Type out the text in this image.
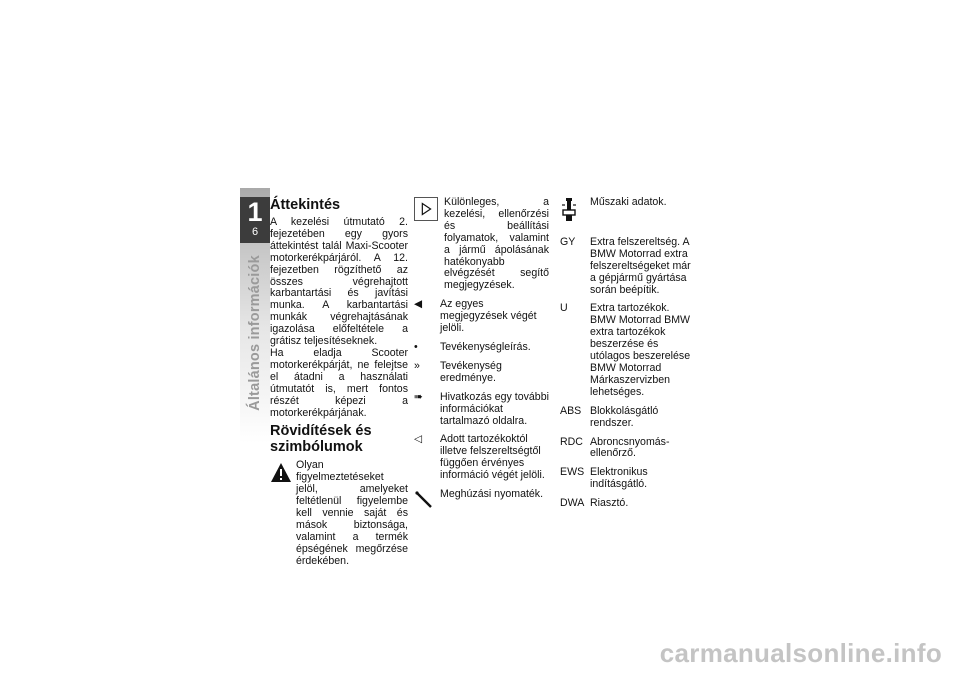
1
6
Általános információk
Áttekintés

A kezelési útmutató 2. fejezetében egy gyors áttekintést talál Maxi-Scooter motorkerékpárjáról. A 12. fejezetben rögzíthető az összes végrehajtott karbantartási és javítási munka. A karbantartási munkák végrehajtásának igazolása előfeltétele a grátisz teljesítéseknek.

Ha eladja Scooter motorkerékpárját, ne felejtse el átadni a használati útmutatót is, mert fontos részét képezi a motorkerékpárjának.

Rövidítések és szimbólumok

Olyan figyelmeztetéseket jelöl, amelyeket feltétlenül figyelembe kell vennie saját és mások biztonsága, valamint a termék épségének megőrzése érdekében.

Különleges, a kezelési, ellenőrzési és beállítási folyamatok, valamint a jármű ápolásának hatékonyabb elvégzését segítő megjegyzések.

◀	Az egyes megjegyzések végét jelöli.
•	Tevékenységleírás.
»	Tevékenység eredménye.
➠	Hivatkozás egy további információkat tartalmazó oldalra.
◁	Adott tartozékoktól illetve felszereltségtől függően érvényes információ végét jelöli.
Meghúzási nyomaték.
Műszaki adatok.
GY	Extra felszereltség. A BMW Motorrad extra felszereltségeket már a gépjármű gyártása során beépítik.
U	Extra tartozékok. BMW Motorrad BMW extra tartozékok beszerzése és utólagos beszerelése BMW Motorrad Márkaszervizben lehetséges.
ABS Blokkolásgátló rendszer.
RDC Abroncsnyomás-ellenőrző.
EWS Elektronikus indításgátló.
DWA Riasztó.
carmanualsonline.info
